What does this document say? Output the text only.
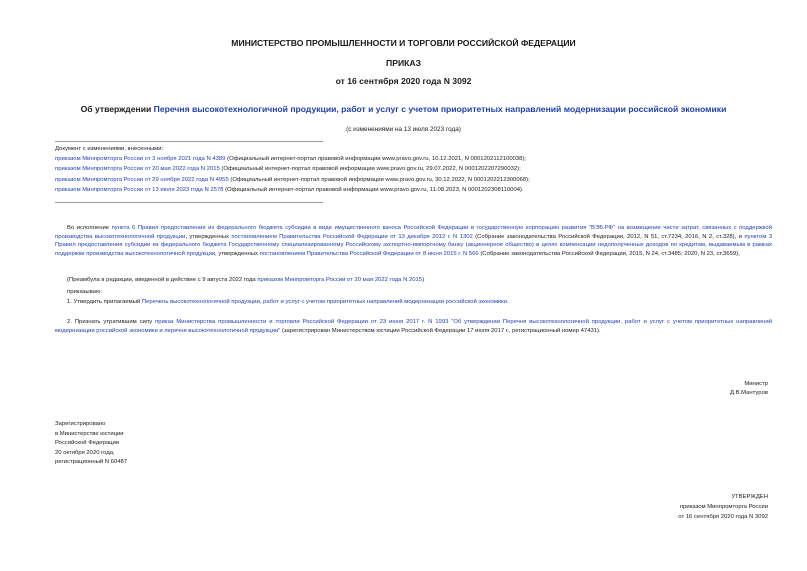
МИНИСТЕРСТВО ПРОМЫШЛЕННОСТИ И ТОРГОВЛИ РОССИЙСКОЙ ФЕДЕРАЦИИ
ПРИКАЗ
от 16 сентября 2020 года N 3092
Об утверждении Перечня высокотехнологичной продукции, работ и услуг с учетом приоритетных направлений модернизации российской экономики
(с изменениями на 13 июля 2023 года)
Документ с изменениями, внесенными:
приказом Минпромторга России от 3 ноября 2021 года N 4389 (Официальный интернет-портал правовой информации www.pravo.gov.ru, 10.12.2021, N 0001202112100038);
приказом Минпромторга России от 20 мая 2022 года N 2015 (Официальный интернет-портал правовой информации www.pravo.gov.ru, 29.07.2022, N 0001202207290032);
приказом Минпромторга России от 29 ноября 2022 года N 4955 (Официальный интернет-портал правовой информации www.pravo.gov.ru, 30.12.2022, N 0001202212300068);
приказом Минпромторга России от 13 июля 2023 года N 2578 (Официальный интернет-портал правовой информации www.pravo.gov.ru, 11.08.2023, N 0001202308110004).
Во исполнение пункта 6 Правил предоставления из федерального бюджета субсидии в виде имущественного взноса Российской Федерации в государственную корпорацию развития "ВЭБ.РФ" на возмещение части затрат, связанных с поддержкой производства высокотехнологичной продукции, утвержденных постановлением Правительства Российской Федерации от 13 декабря 2012 г. N 1302 (Собрание законодательства Российской Федерации, 2012, N 51, ст.7234; 2016, N 2, ст.328), и пунктом 3 Правил предоставления субсидии из федерального бюджета Государственному специализированному Российскому экспортно-импортному банку (акционерное общество) в целях компенсации недополученных доходов по кредитам, выдаваемым в рамках поддержки производства высокотехнологичной продукции, утвержденных постановлением Правительства Российской Федерации от 8 июня 2015 г. N 566 (Собрание законодательства Российской Федерации, 2015, N 24, ст.3485; 2020, N 23, ст.3659),
(Преамбула в редакции, введенной в действие с 9 августа 2022 года приказом Минпромторга России от 20 мая 2022 года N 2015)
приказываю:
1. Утвердить прилагаемый Перечень высокотехнологичной продукции, работ и услуг с учетом приоритетных направлений модернизации российской экономики.
2. Признать утратившим силу приказ Министерства промышленности и торговли Российской Федерации от 23 июня 2017 г. N 1993 "Об утверждении Перечня высокотехнологичной продукции, работ и услуг с учетом приоритетных направлений модернизации российской экономики и перечня высокотехнологичной продукции" (зарегистрирован Министерством юстиции Российской Федерации 17 июля 2017 г., регистрационный номер 47431).
Министр
Д.В.Мантуров
Зарегистрировано
в Министерстве юстиции
Российской Федерации
20 октября 2020 года,
регистрационный N 60487
УТВЕРЖДЕН
приказом Минпромторга России
от 16 сентября 2020 года N 3092
